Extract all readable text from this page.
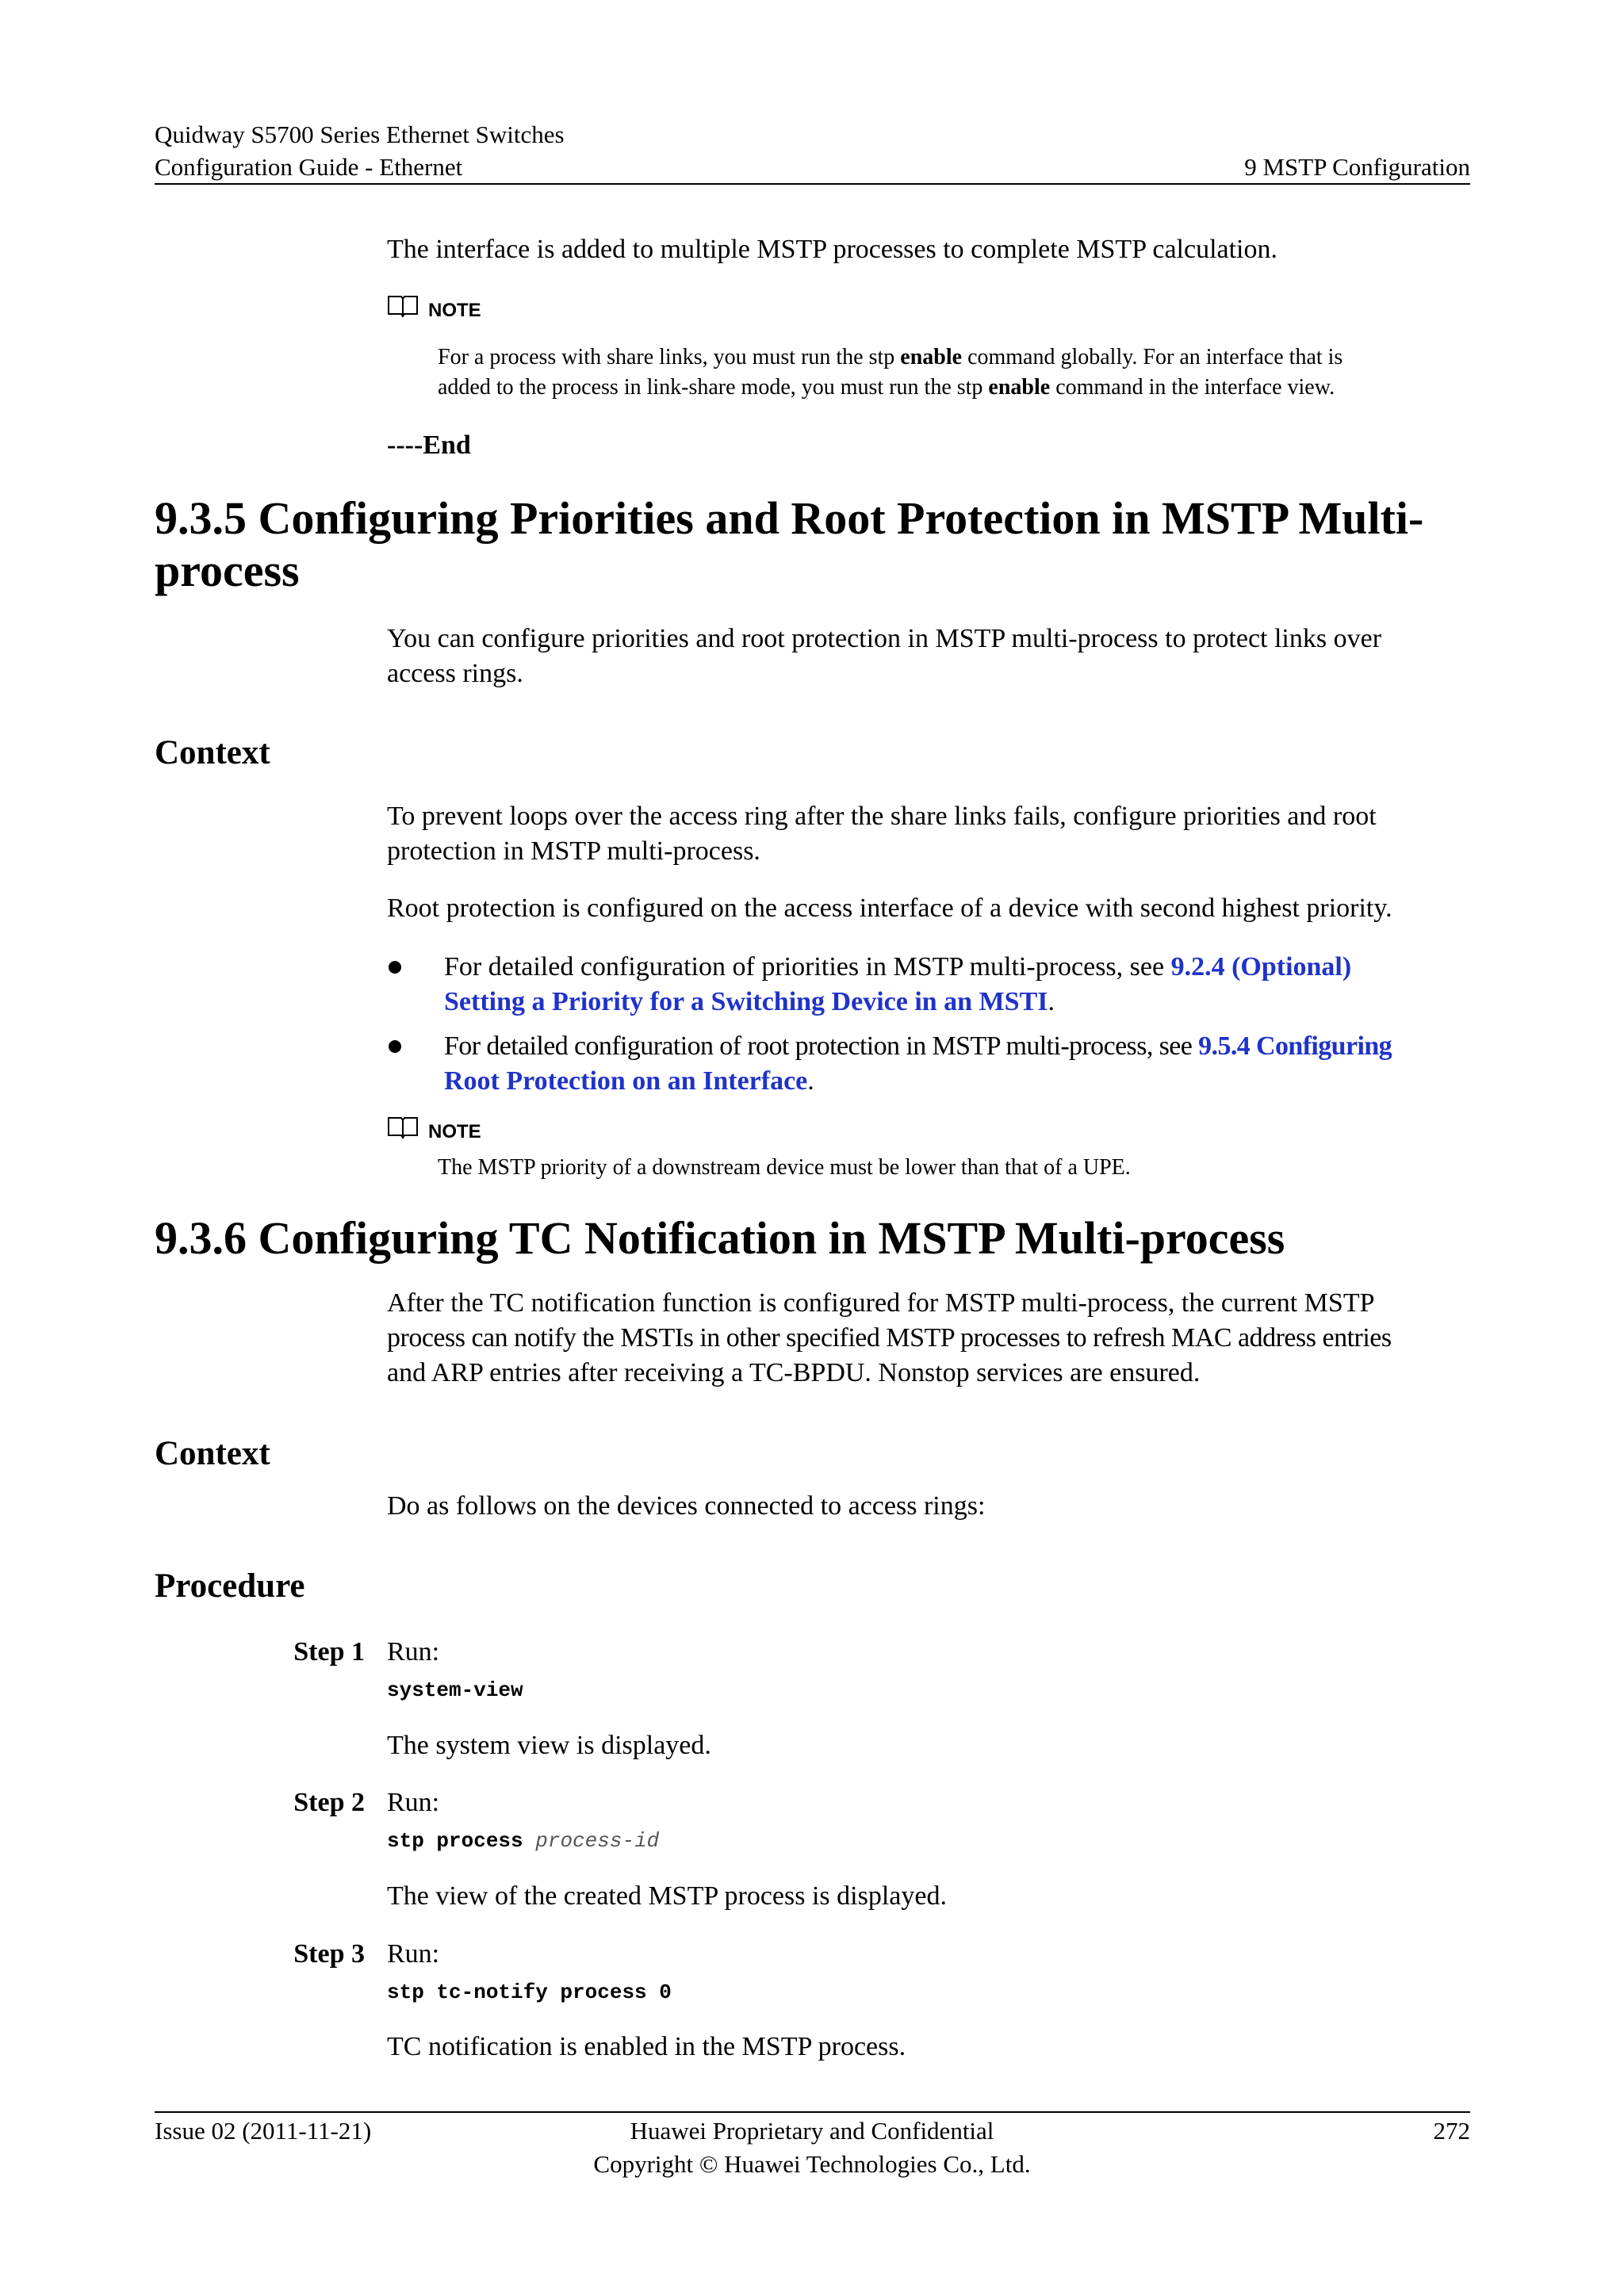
Quidway S5700 Series Ethernet Switches
Configuration Guide - Ethernet	9 MSTP Configuration
The interface is added to multiple MSTP processes to complete MSTP calculation.
NOTE
For a process with share links, you must run the stp enable command globally. For an interface that is
added to the process in link-share mode, you must run the stp enable command in the interface view.
----End
9.3.5 Configuring Priorities and Root Protection in MSTP Multi-
process
You can configure priorities and root protection in MSTP multi-process to protect links over
access rings.
Context
To prevent loops over the access ring after the share links fails, configure priorities and root
protection in MSTP multi-process.
Root protection is configured on the access interface of a device with second highest priority.
For detailed configuration of priorities in MSTP multi-process, see 9.2.4 (Optional)
Setting a Priority for a Switching Device in an MSTI.
For detailed configuration of root protection in MSTP multi-process, see 9.5.4 Configuring
Root Protection on an Interface.
NOTE
The MSTP priority of a downstream device must be lower than that of a UPE.
9.3.6 Configuring TC Notification in MSTP Multi-process
After the TC notification function is configured for MSTP multi-process, the current MSTP
process can notify the MSTIs in other specified MSTP processes to refresh MAC address entries
and ARP entries after receiving a TC-BPDU. Nonstop services are ensured.
Context
Do as follows on the devices connected to access rings:
Procedure
Step 1 Run:
system-view
The system view is displayed.
Step 2 Run:
stp process process-id
The view of the created MSTP process is displayed.
Step 3 Run:
stp tc-notify process 0
TC notification is enabled in the MSTP process.
Issue 02 (2011-11-21)	Huawei Proprietary and Confidential
Copyright © Huawei Technologies Co., Ltd.
272
